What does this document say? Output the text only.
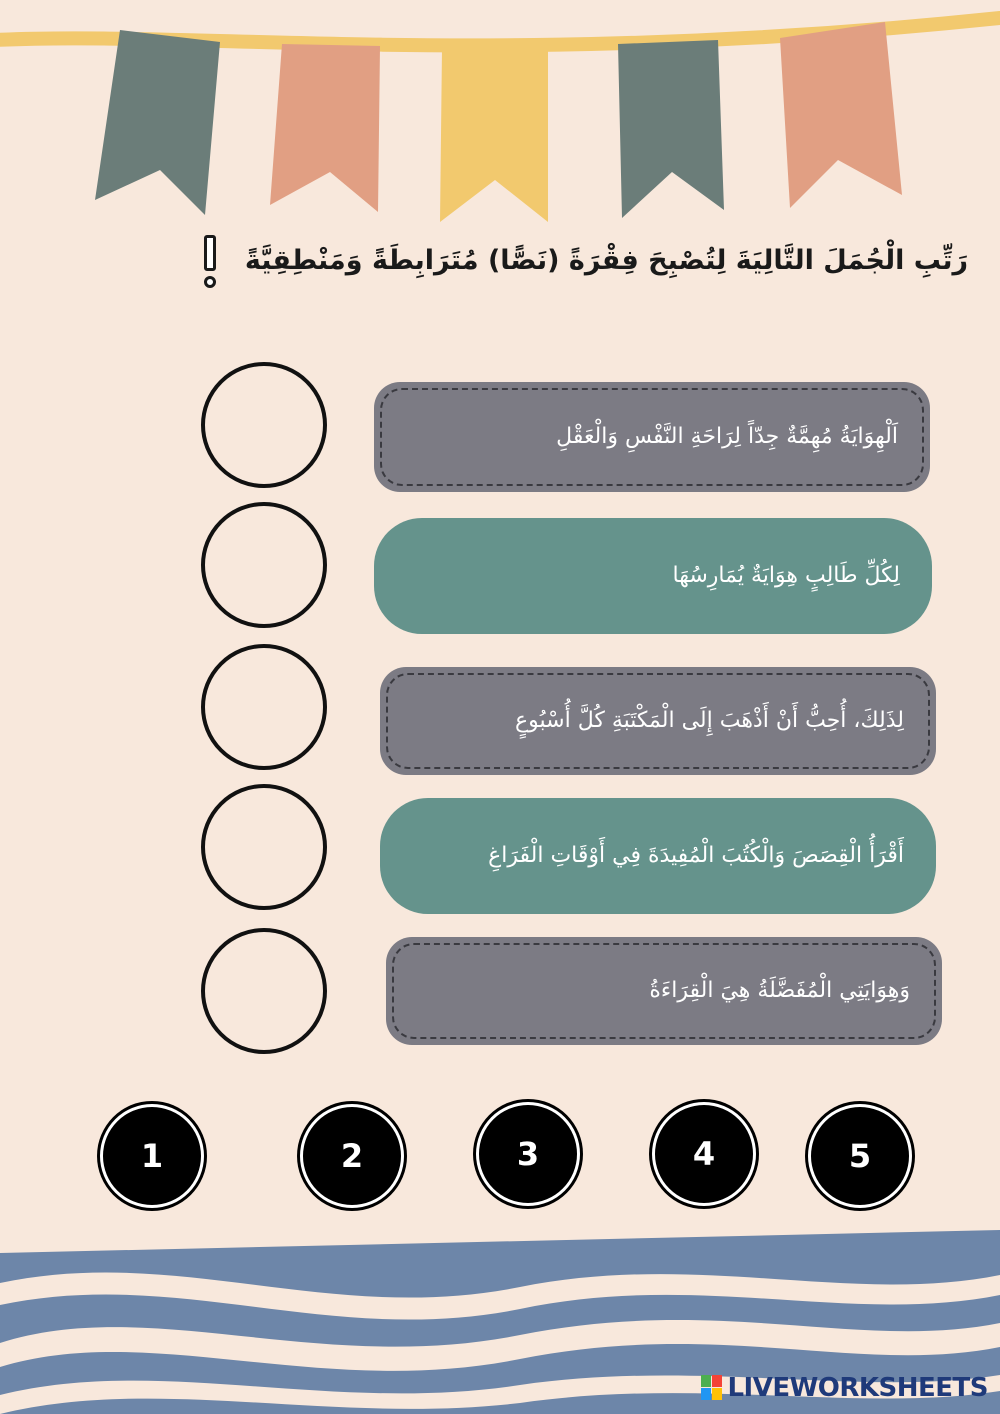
رَتِّبِ الْجُمَلَ التَّالِيَةَ لِتُصْبِحَ فِقْرَةً (نَصًّا) مُتَرَابِطَةً وَمَنْطِقِيَّةً
اَلْهِوَايَةُ مُهِمَّةٌ جِدّاً لِرَاحَةِ النَّفْسِ وَالْعَقْلِ
لِكُلِّ طَالِبٍ هِوَايَةٌ يُمَارِسُهَا
لِذَلِكَ، أُحِبُّ أَنْ أَذْهَبَ إِلَى الْمَكْتَبَةِ كُلَّ أُسْبُوعٍ
أَقْرَأُ الْقِصَصَ وَالْكُتُبَ الْمُفِيدَةَ فِي أَوْقَاتِ الْفَرَاغِ
وَهِوَايَتِي الْمُفَضَّلَةُ هِيَ الْقِرَاءَةُ
1	2	3	4	5
LIVEWORKSHEETS
